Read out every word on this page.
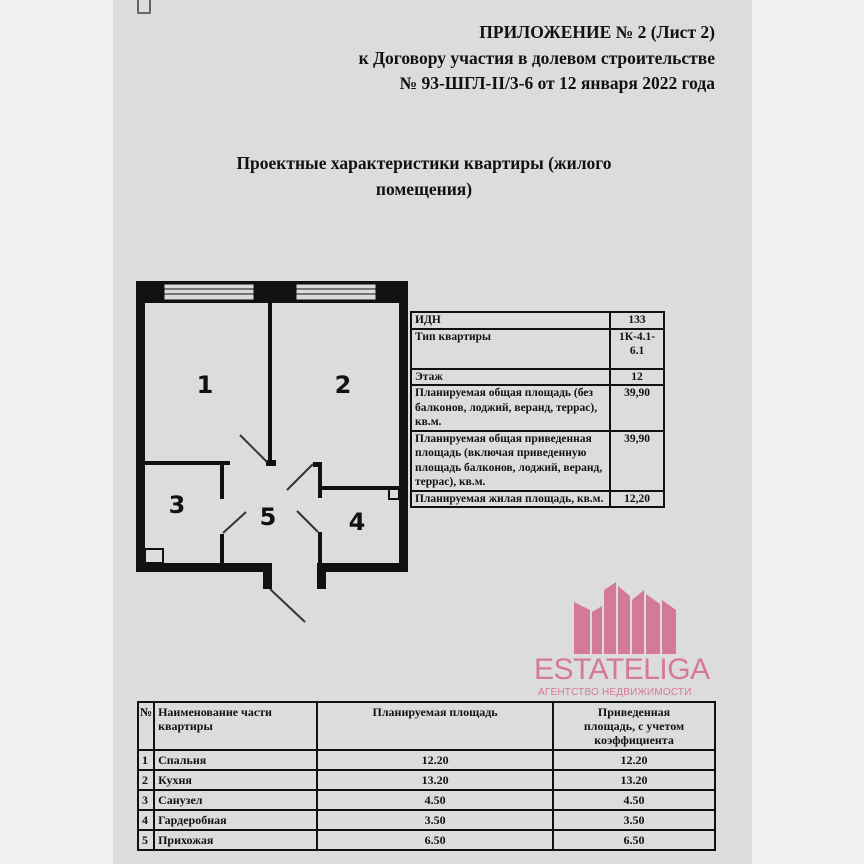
ПРИЛОЖЕНИЕ № 2 (Лист 2)
к Договору участия в долевом строительстве
№ 93-ШГЛ-II/3-6 от 12 января 2022 года
Проектные характеристики квартиры (жилого
помещения)
1	2
3
4
5
ИДН	133
Тип квартиры	1К-4.1-6.1
Этаж	12
Планируемая общая площадь (без балконов, лоджий, веранд, террас), кв.м.	39,90
Планируемая общая приведенная площадь (включая приведенную площадь балконов, лоджий, веранд, террас), кв.м.	39,90
Планируемая жилая площадь, кв.м.	12,20
№	Наименование части квартиры	Планируемая площадь	Приведенная площадь, с учетом коэффициента
1	Спальня	12.20	12.20
2	Кухня	13.20	13.20
3	Санузел	4.50	4.50
4	Гардеробная	3.50	3.50
5	Прихожая	6.50	6.50
ESTATELIGA
АГЕНТСТВО НЕДВИЖИМОСТИ
